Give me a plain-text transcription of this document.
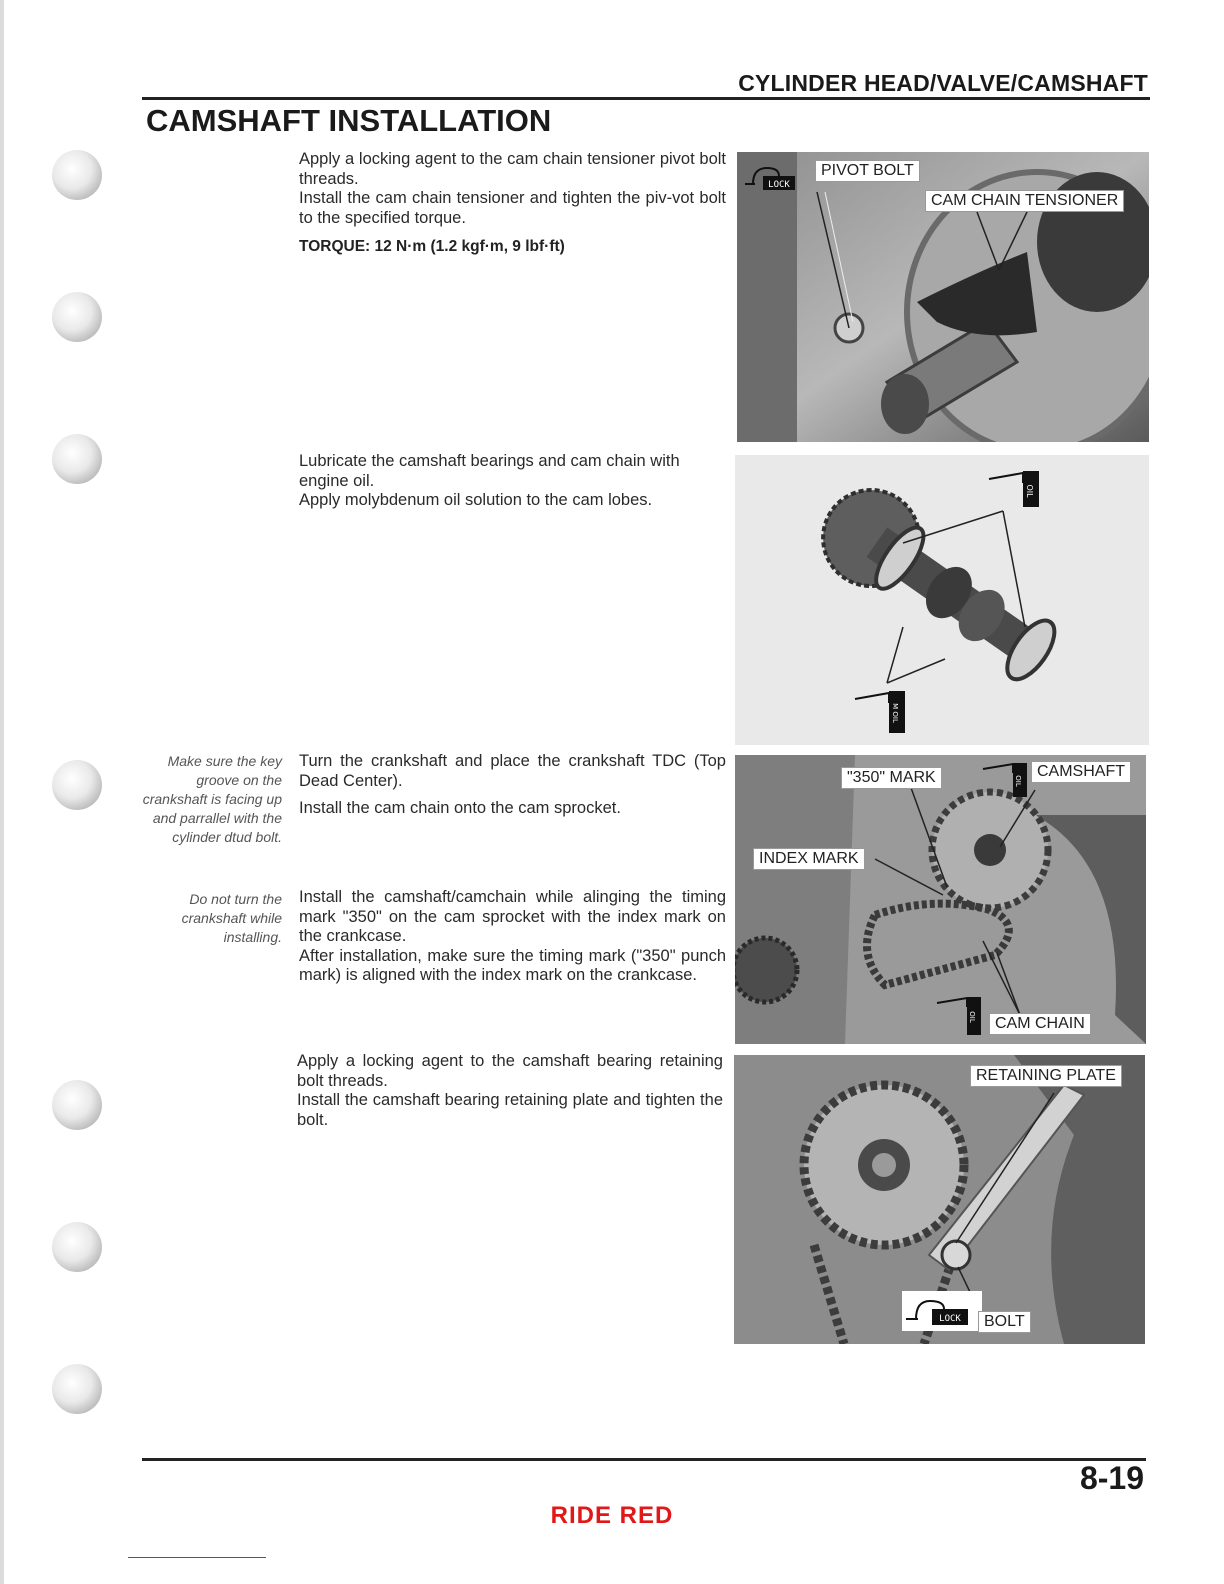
CYLINDER HEAD/VALVE/CAMSHAFT
CAMSHAFT INSTALLATION

Apply a locking agent to the cam chain tensioner pivot bolt threads.

Install the cam chain tensioner and tighten the piv-vot bolt to the specified torque.

TORQUE: 12 N·m (1.2 kgf·m, 9 lbf·ft)
LOCK
PIVOT BOLT
CAM CHAIN TENSIONER

Lubricate the camshaft bearings and cam chain with engine oil.

Apply molybdenum oil solution to the cam lobes.	OIL
M OIL
Make sure the key groove on the crankshaft is facing up and parrallel with the cylinder dtud bolt.

Turn the crankshaft and place the crankshaft TDC (Top Dead Center).

Install the cam chain onto the cam sprocket.

Do not turn the crankshaft while installing.

Install the camshaft/camchain while alinging the timing mark "350" on the cam sprocket with the index mark on the crankcase.

After installation, make sure the timing mark ("350" punch mark) is aligned with the index mark on the crankcase.

"350" MARK	OIL
CAMSHAFT
INDEX MARK
OIL	CAM CHAIN

Apply a locking agent to the camshaft bearing retaining bolt threads.

Install the camshaft bearing retaining plate and tighten the bolt.

RETAINING PLATE
LOCK	BOLT
8-19
RIDE RED
